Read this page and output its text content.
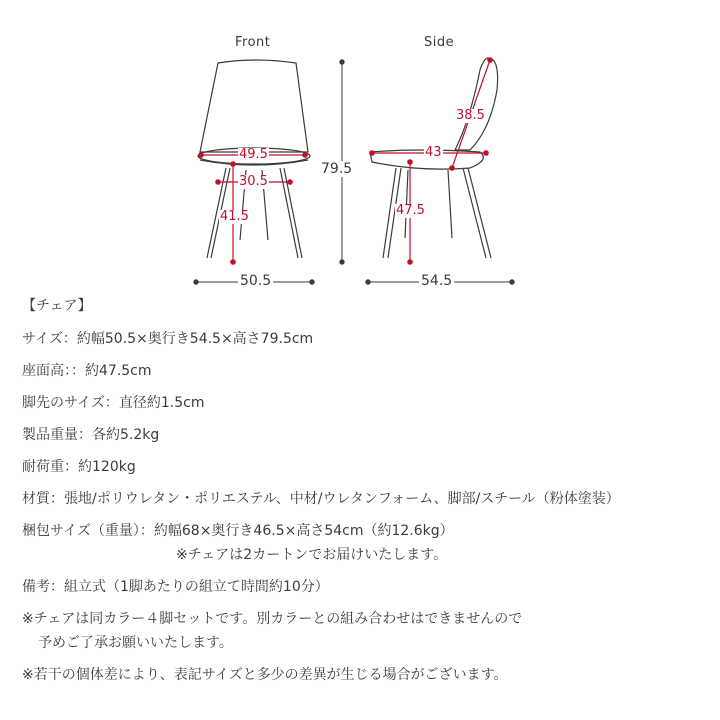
Front	Side
79.5
50.5	54.5
49.5
30.5
41.5
38.5
43
47.5
【チェア】
サイズ：約幅50.5×奥行き54.5×高さ79.5cm
座面高：：約47.5cm
脚先のサイズ：直径約1.5cm
製品重量：各約5.2kg
耐荷重：約120kg
材質：張地/ポリウレタン・ポリエステル、中材/ウレタンフォーム、脚部/スチール（粉体塗装）
梱包サイズ（重量）：約幅68×奥行き46.5×高さ54cm（約12.6kg）
※チェアは2カートンでお届けいたします。
備考：組立式（1脚あたりの組立て時間約10分）
※チェアは同カラー４脚セットです。別カラーとの組み合わせはできませんので
予めご了承お願いいたします。
※若干の個体差により、表記サイズと多少の差異が生じる場合がございます。
